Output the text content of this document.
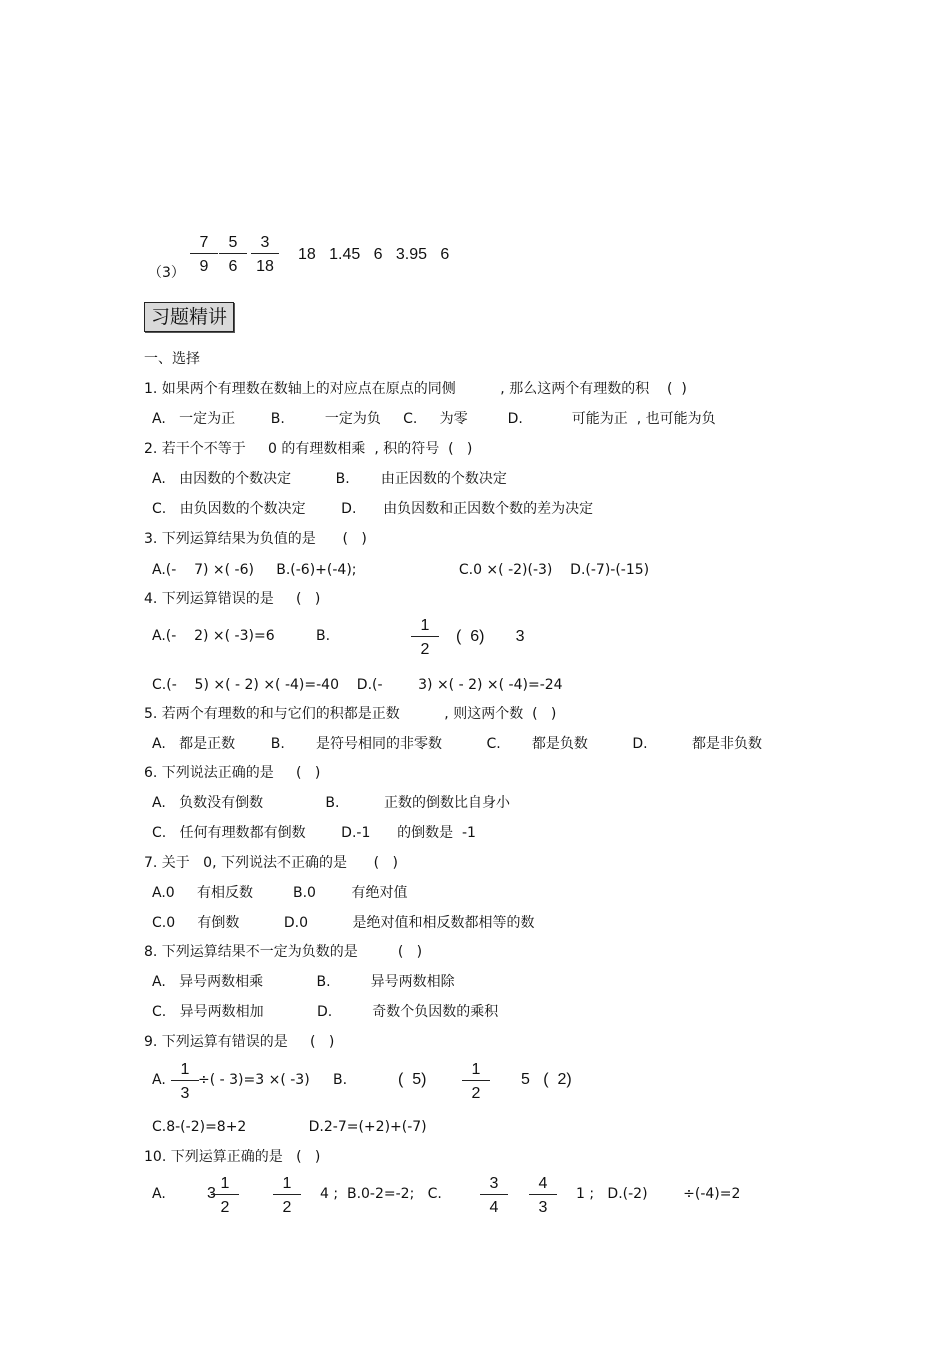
$(3) \frac{7}{9} \frac{5}{6} \frac{3}{18} 18$   1.45   6   3.95   6
习题精讲
一、选择
1. 如果两个有理数在数轴上的对应点在原点的同侧          , 那么这两个有理数的积    (  )
A.   一定为正        B.         一定为负     C.     为零         D.           可能为正  , 也可能为负
2. 若干个不等于     0 的有理数相乘  , 积的符号  (   )
A.   由因数的个数决定          B.       由正因数的个数决定
C.   由负因数的个数决定        D.      由负因数和正因数个数的差为决定
3. 下列运算结果为负值的是      (   )
A.(-    7) ×( -6)     B.(-6)+(-4);                       C.0 ×( -2)(-3)    D.(-7)-(-15)
4. 下列运算错误的是     (   )
A.(-    2) ×( -3)=6	B.	$\frac{1}{2}$ (  6)       3
C.(-    5) ×( - 2) ×( -4)=-40    D.(-        3) ×( - 2) ×( -4)=-24
5. 若两个有理数的和与它们的积都是正数          , 则这两个数  (   )
A.   都是正数        B.       是符号相同的非零数          C.       都是负数          D.          都是非负数
6. 下列说法正确的是     (   )
A.   负数没有倒数              B.          正数的倒数比自身小
C.   任何有理数都有倒数        D.-1      的倒数是  -1
7. 关于   0, 下列说法不正确的是      (   )
A.0     有相反数         B.0        有绝对值
C.0     有倒数          D.0          是绝对值和相反数都相等的数
8. 下列运算结果不一定为负数的是         (   )
A.   异号两数相乘            B.         异号两数相除
C.   异号两数相加            D.         奇数个负因数的乘积
9. 下列运算有错误的是     (   )
A. $\frac{1}{3}$ ÷( - 3)=3 ×( -3) B.	(  $5) \frac{1}{2} 5$   (  2)
C.8-(-2)=8+2              D.2-7=(+2)+(-7)
10. 下列运算正确的是   (   )
A.	3
$\frac{1}{2} \frac{1}{2} 4$ ;  B.0-2=-2;   C. $\frac{3}{4} \frac{4}{3} 1$ ;   D.(-2)        ÷(-4)=2
